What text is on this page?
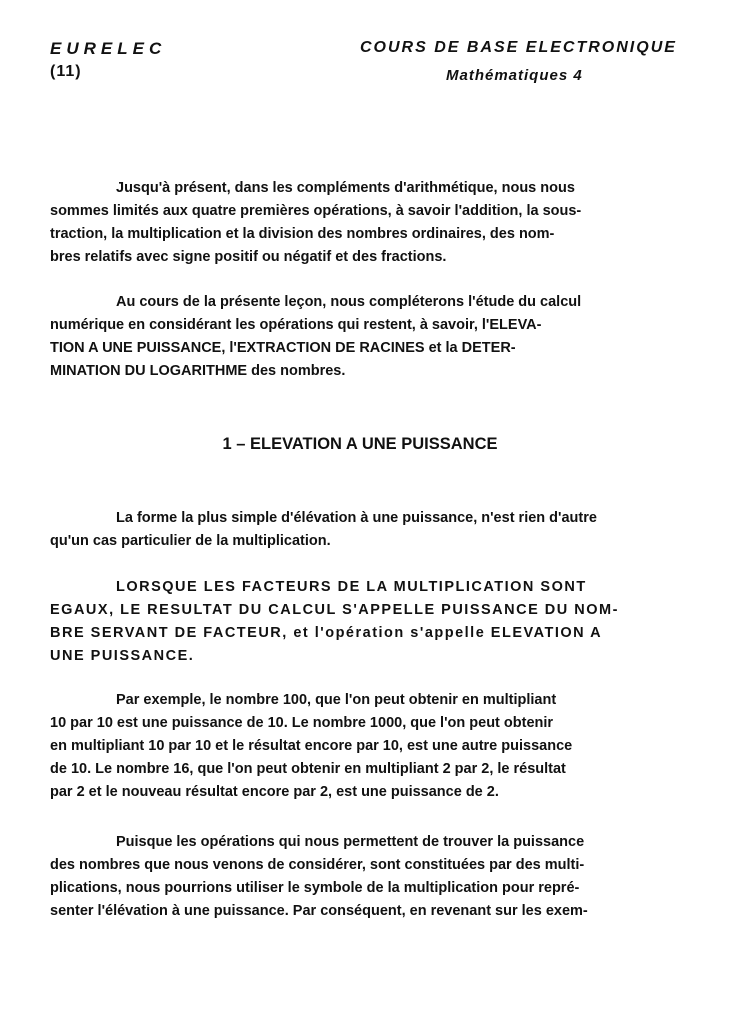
EURELEC
(11)
COURS DE BASE ELECTRONIQUE
Mathématiques 4
Jusqu'à présent, dans les compléments d'arithmétique, nous nous
sommes limités aux quatre premières opérations, à savoir l'addition, la sous-
traction, la multiplication et la division des nombres ordinaires, des nom-
bres relatifs avec signe positif ou négatif et des fractions.
Au cours de la présente leçon, nous compléterons l'étude du calcul
numérique en considérant les opérations qui restent, à savoir, l'ELEVA-
TION A UNE PUISSANCE, l'EXTRACTION DE RACINES et la DETER-
MINATION DU LOGARITHME des nombres.
1 – ELEVATION A UNE PUISSANCE
La forme la plus simple d'élévation à une puissance, n'est rien d'autre
qu'un cas particulier de la multiplication.
LORSQUE LES FACTEURS DE LA MULTIPLICATION SONT
EGAUX, LE RESULTAT DU CALCUL S'APPELLE PUISSANCE DU NOM-
BRE SERVANT DE FACTEUR, et l'opération s'appelle ELEVATION A
UNE PUISSANCE.
Par exemple, le nombre 100, que l'on peut obtenir en multipliant
10 par 10 est une puissance de 10. Le nombre 1000, que l'on peut obtenir
en multipliant 10 par 10 et le résultat encore par 10, est une autre puissance
de 10. Le nombre 16, que l'on peut obtenir en multipliant 2 par 2, le résultat
par 2 et le nouveau résultat encore par 2, est une puissance de 2.
Puisque les opérations qui nous permettent de trouver la puissance
des nombres que nous venons de considérer, sont constituées par des multi-
plications, nous pourrions utiliser le symbole de la multiplication pour repré-
senter l'élévation à une puissance. Par conséquent, en revenant sur les exem-
